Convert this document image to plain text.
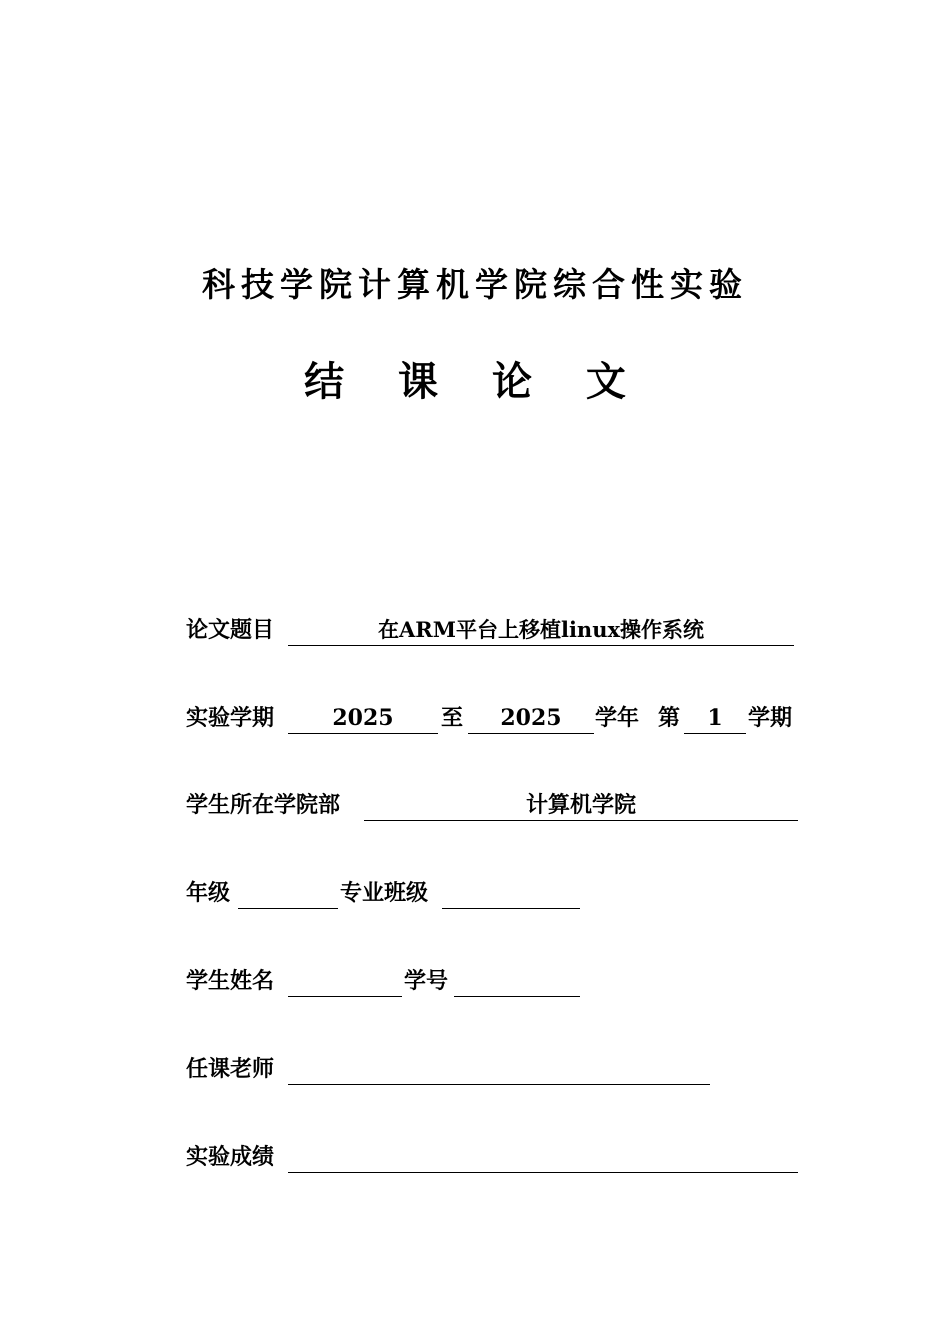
科技学院计算机学院综合性实验
结 课 论 文
论文题目	在ARM平台上移植linux操作系统
实验学期	2025	至	2025	学年 第	1	学期
学生所在学院部	计算机学院
年级	专业班级
学生姓名	学号
任课老师
实验成绩
